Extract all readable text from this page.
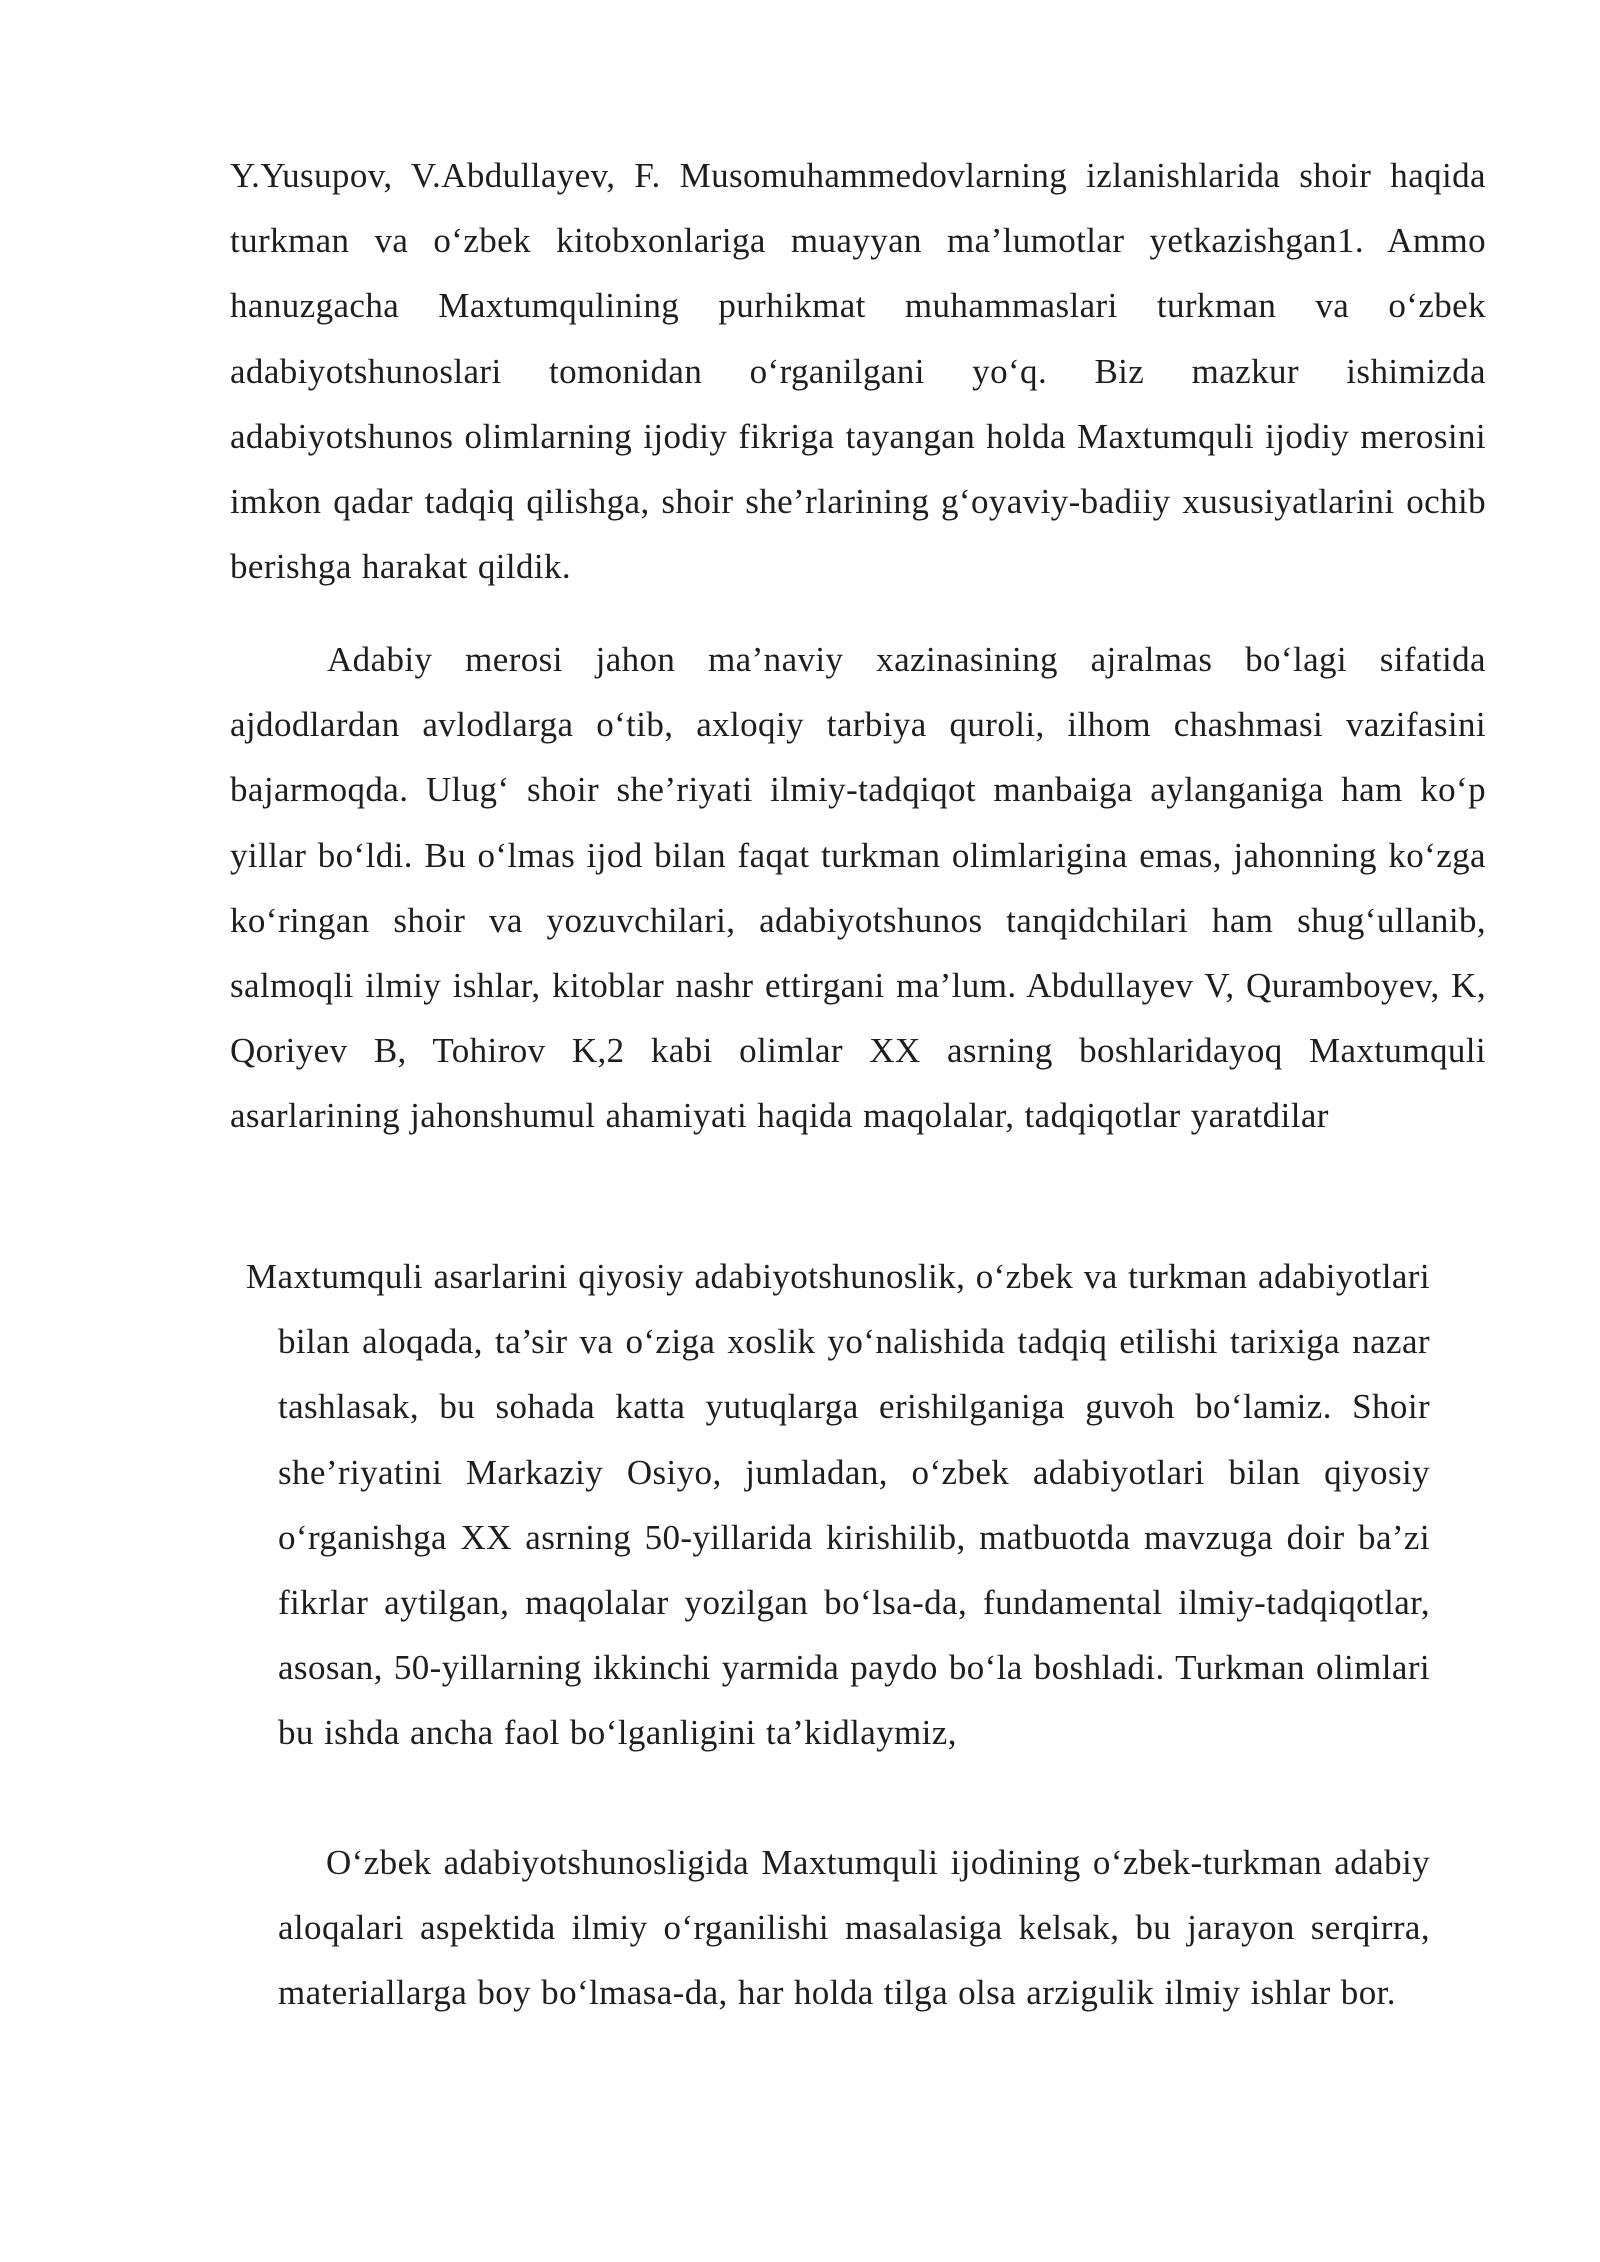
Y.Yusupov, V.Abdullayev, F. Musomuhammedovlarning izlanishlarida shoir haqida turkman va o‘zbek kitobxonlariga muayyan ma’lumotlar yetkazishgan1. Ammo hanuzgacha Maxtumqulining purhikmat muhammaslari turkman va o‘zbek adabiyotshunoslari tomonidan o‘rganilgani yo‘q. Biz mazkur ishimizda adabiyotshunos olimlarning ijodiy fikriga tayangan holda Maxtumquli ijodiy merosini imkon qadar tadqiq qilishga, shoir she’rlarining g‘oyaviy-badiiy xususiyatlarini ochib berishga harakat qildik.

Adabiy merosi jahon ma’naviy xazinasining ajralmas bo‘lagi sifatida ajdodlardan avlodlarga o‘tib, axloqiy tarbiya quroli, ilhom chashmasi vazifasini bajarmoqda. Ulug‘ shoir she’riyati ilmiy-tadqiqot manbaiga aylanganiga ham ko‘p yillar bo‘ldi. Bu o‘lmas ijod bilan faqat turkman olimlarigina emas, jahonning ko‘zga ko‘ringan shoir va yozuvchilari, adabiyotshunos tanqidchilari ham shug‘ullanib, salmoqli ilmiy ishlar, kitoblar nashr ettirgani ma’lum. Abdullayev V, Quramboyev, K, Qoriyev B, Tohirov K,2 kabi olimlar XX asrning boshlaridayoq Maxtumquli asarlarining jahonshumul ahamiyati haqida maqolalar, tadqiqotlar yaratdilar

Maxtumquli asarlarini qiyosiy adabiyotshunoslik, o‘zbek va turkman adabiyotlari bilan aloqada, ta’sir va o‘ziga xoslik yo‘nalishida tadqiq etilishi tarixiga nazar tashlasak, bu sohada katta yutuqlarga erishilganiga guvoh bo‘lamiz. Shoir she’riyatini Markaziy Osiyo, jumladan, o‘zbek adabiyotlari bilan qiyosiy o‘rganishga XX asrning 50-yillarida kirishilib, matbuotda mavzuga doir ba’zi fikrlar aytilgan, maqolalar yozilgan bo‘lsa-da, fundamental ilmiy-tadqiqotlar, asosan, 50-yillarning ikkinchi yarmida paydo bo‘la boshladi. Turkman olimlari bu ishda ancha faol bo‘lganligini ta’kidlaymiz,

O‘zbek adabiyotshunosligida Maxtumquli ijodining o‘zbek-turkman adabiy aloqalari aspektida ilmiy o‘rganilishi masalasiga kelsak, bu jarayon serqirra, materiallarga boy bo‘lmasa-da, har holda tilga olsa arzigulik ilmiy ishlar bor.
